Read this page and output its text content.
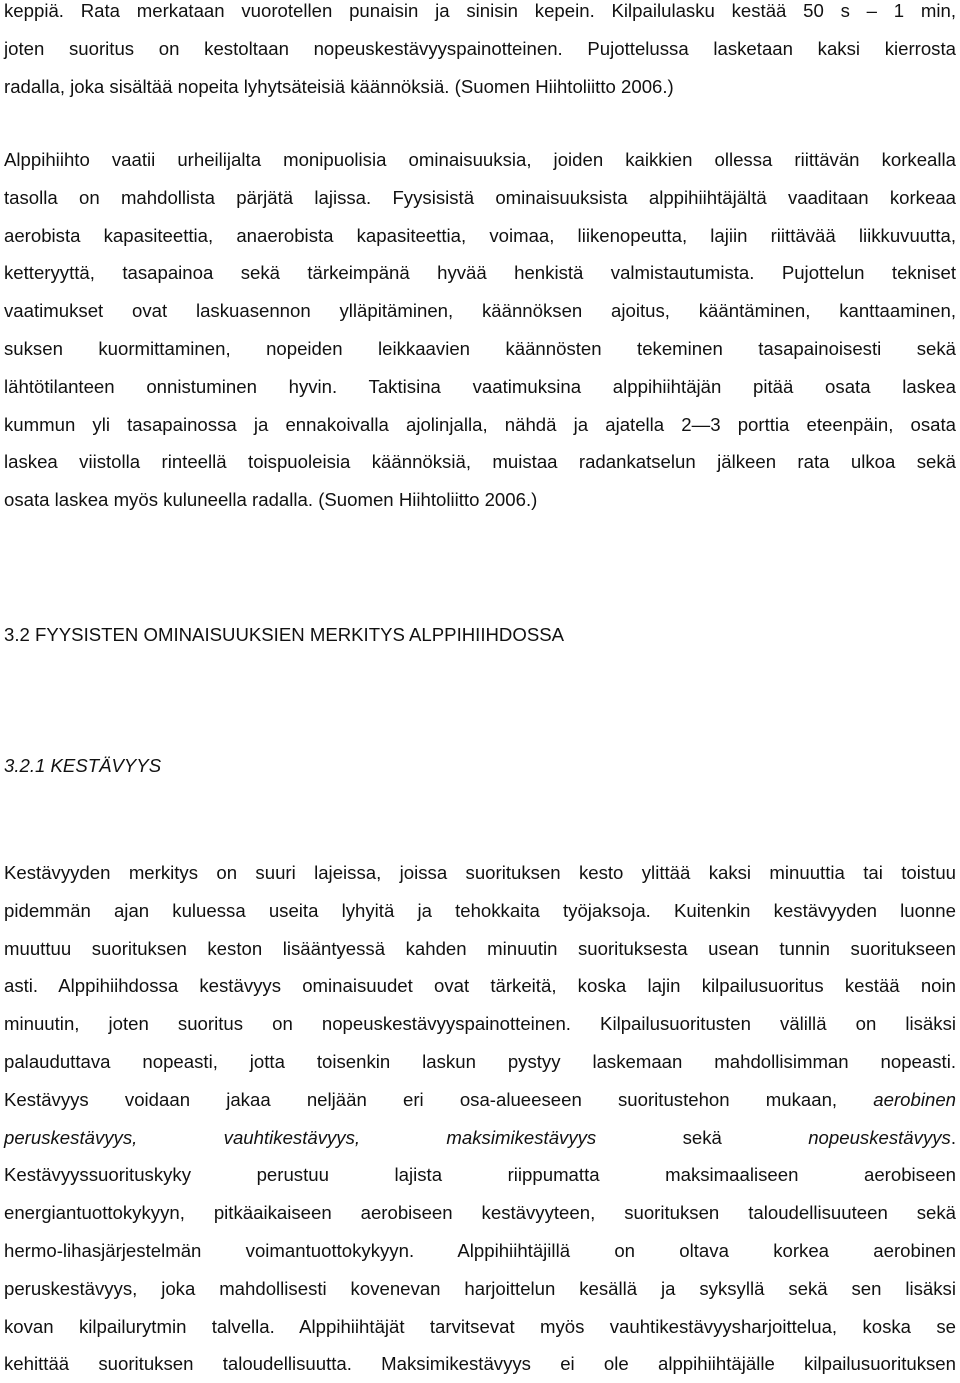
keppiä. Rata merkataan vuorotellen punaisin ja sinisin kepein. Kilpailulasku kestää 50 s – 1 min,
joten suoritus on kestoltaan nopeuskestävyyspainotteinen. Pujottelussa lasketaan kaksi kierrosta
radalla, joka sisältää nopeita lyhytsäteisiä käännöksiä. (Suomen Hiihtoliitto 2006.)
Alppihiihto vaatii urheilijalta monipuolisia ominaisuuksia, joiden kaikkien ollessa riittävän korkealla
tasolla on mahdollista pärjätä lajissa. Fyysisistä ominaisuuksista alppihiihtäjältä vaaditaan korkeaa
aerobista kapasiteettia, anaerobista kapasiteettia, voimaa, liikenopeutta, lajiin riittävää liikkuvuutta,
ketteryyttä, tasapainoa sekä tärkeimpänä hyvää henkistä valmistautumista. Pujottelun tekniset
vaatimukset ovat laskuasennon ylläpitäminen, käännöksen ajoitus, kääntäminen, kanttaaminen,
suksen kuormittaminen, nopeiden leikkaavien käännösten tekeminen tasapainoisesti sekä
lähtötilanteen onnistuminen hyvin. Taktisina vaatimuksina alppihiihtäjän pitää osata laskea
kummun yli tasapainossa ja ennakoivalla ajolinjalla, nähdä ja ajatella 2—3 porttia eteenpäin, osata
laskea viistolla rinteellä toispuoleisia käännöksiä, muistaa radankatselun jälkeen rata ulkoa sekä
osata laskea myös kuluneella radalla. (Suomen Hiihtoliitto 2006.)
3.2 FYYSISTEN OMINAISUUKSIEN MERKITYS ALPPIHIIHDOSSA
3.2.1 KESTÄVYYS
Kestävyyden merkitys on suuri lajeissa, joissa suorituksen kesto ylittää kaksi minuuttia tai toistuu
pidemmän ajan kuluessa useita lyhyitä ja tehokkaita työjaksoja. Kuitenkin kestävyyden luonne
muuttuu suorituksen keston lisääntyessä kahden minuutin suorituksesta usean tunnin suoritukseen
asti. Alppihiihdossa kestävyys ominaisuudet ovat tärkeitä, koska lajin kilpailusuoritus kestää noin
minuutin, joten suoritus on nopeuskestävyyspainotteinen. Kilpailusuoritusten välillä on lisäksi
palauduttava nopeasti, jotta toisenkin laskun pystyy laskemaan mahdollisimman nopeasti.
Kestävyys voidaan jakaa neljään eri osa-alueeseen suoritustehon mukaan, aerobinen
peruskestävyys,	vauhtikestävyys,	maksimikestävyys	sekä	nopeuskestävyys.
Kestävyyssuorituskyky perustuu lajista riippumatta maksimaaliseen aerobiseen
energiantuottokykyyn, pitkäaikaiseen aerobiseen kestävyyteen, suorituksen taloudellisuuteen sekä
hermo-lihasjärjestelmän voimantuottokykyyn. Alppihiihtäjillä on oltava korkea aerobinen
peruskestävyys, joka mahdollisesti kovenevan harjoittelun kesällä ja syksyllä sekä sen lisäksi
kovan kilpailurytmin talvella. Alppihiihtäjät tarvitsevat myös vauhtikestävyysharjoittelua, koska se
kehittää suorituksen taloudellisuutta. Maksimikestävyys ei ole alppihiihtäjälle kilpailusuorituksen
